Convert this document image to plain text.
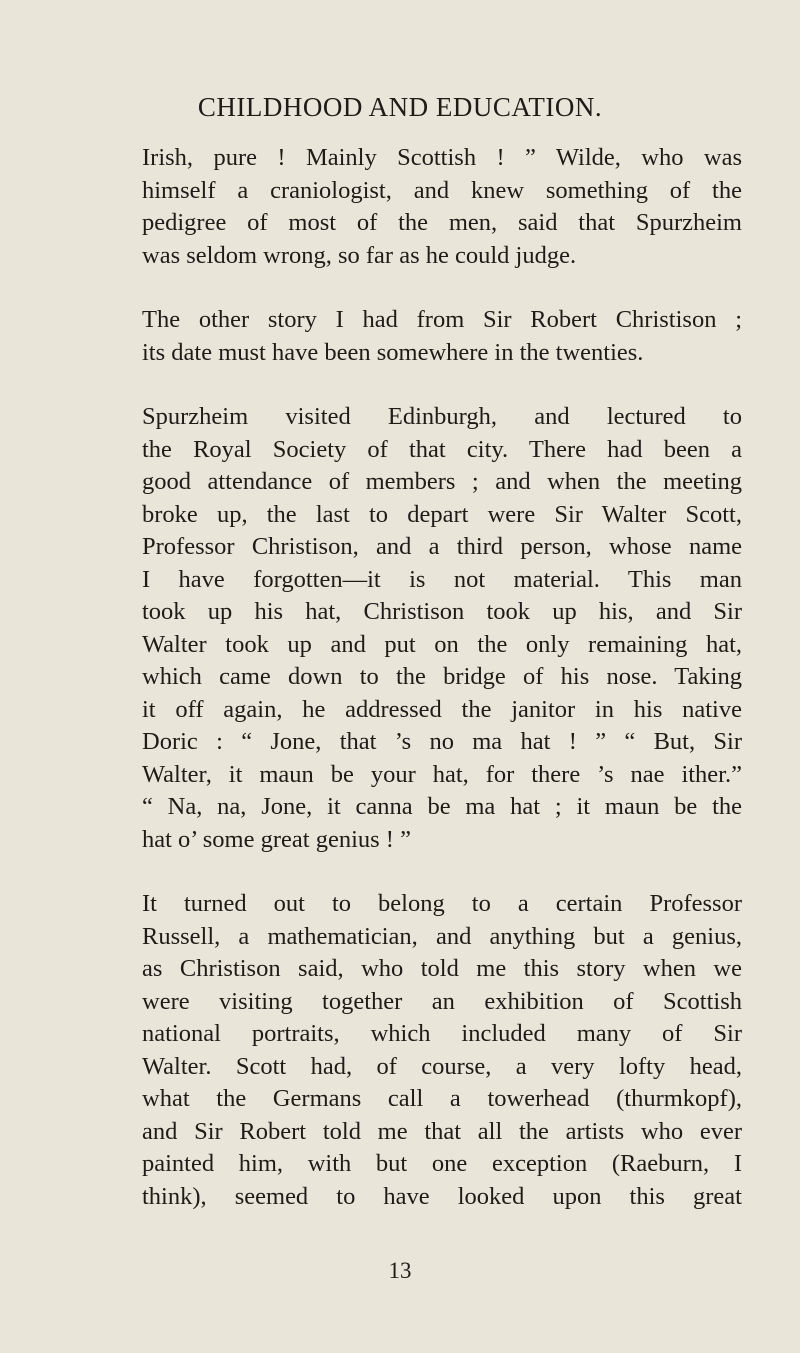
CHILDHOOD AND EDUCATION.

Irish, pure ! Mainly Scottish ! ” Wilde, who was
himself a craniologist, and knew something of the
pedigree of most of the men, said that Spurzheim
was seldom wrong, so far as he could judge.

The other story I had from Sir Robert Christison ;
its date must have been somewhere in the twenties.

Spurzheim visited Edinburgh, and lectured to
the Royal Society of that city. There had been a
good attendance of members ; and when the meeting
broke up, the last to depart were Sir Walter Scott,
Professor Christison, and a third person, whose name
I have forgotten—it is not material. This man
took up his hat, Christison took up his, and Sir
Walter took up and put on the only remaining hat,
which came down to the bridge of his nose. Taking
it off again, he addressed the janitor in his native
Doric : “ Jone, that ’s no ma hat ! ” “ But, Sir
Walter, it maun be your hat, for there ’s nae ither.”
“ Na, na, Jone, it canna be ma hat ; it maun be the
hat o’ some great genius ! ”

It turned out to belong to a certain Professor
Russell, a mathematician, and anything but a genius,
as Christison said, who told me this story when we
were visiting together an exhibition of Scottish
national portraits, which included many of Sir
Walter. Scott had, of course, a very lofty head,
what the Germans call a towerhead (thurmkopf),
and Sir Robert told me that all the artists who ever
painted him, with but one exception (Raeburn, I
think), seemed to have looked upon this great

13
